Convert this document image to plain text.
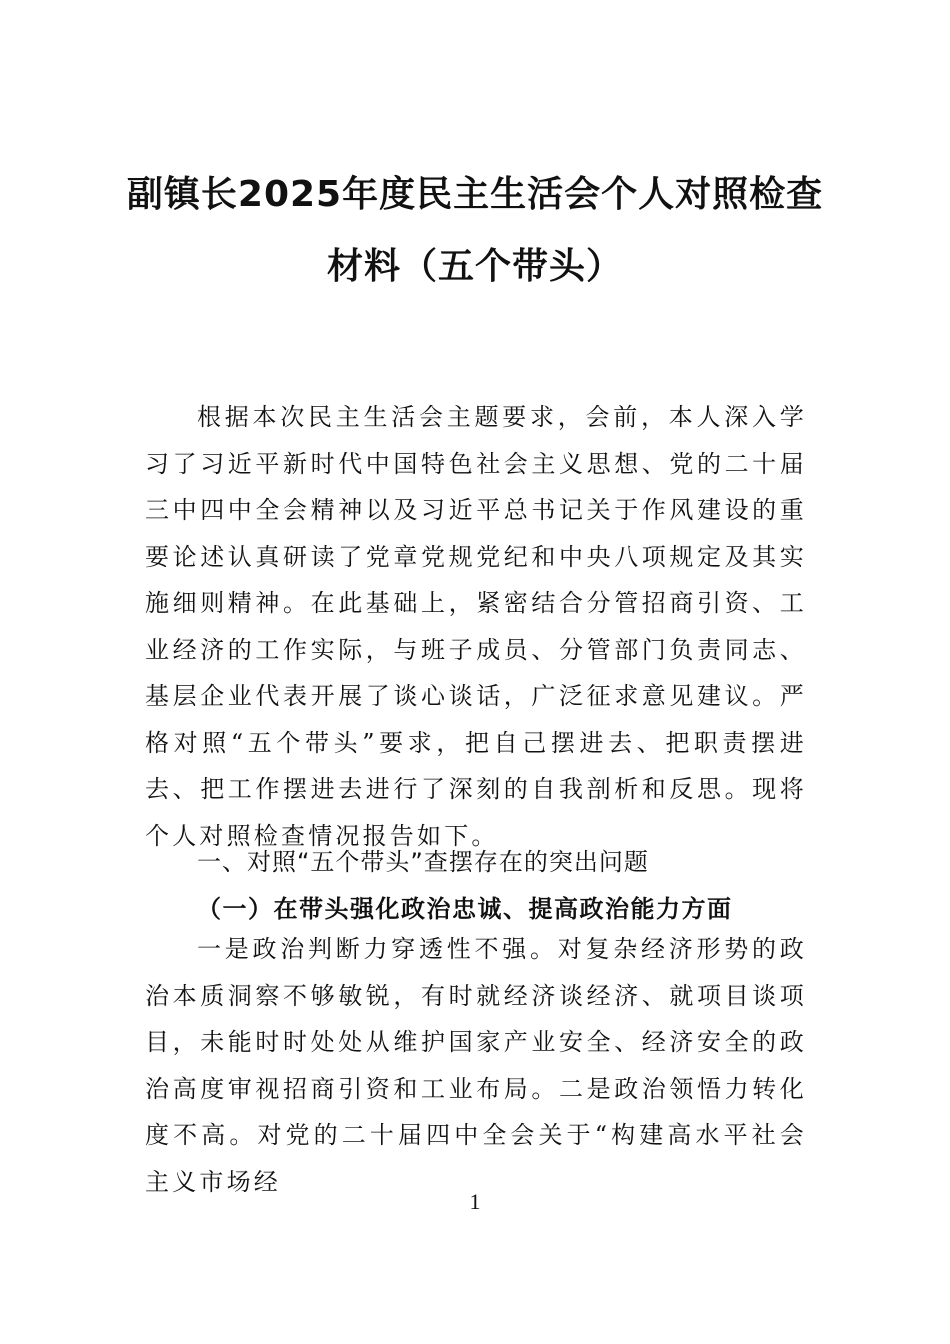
副镇长2025年度民主生活会个人对照检查
材料（五个带头）

根据本次民主生活会主题要求，会前，本人深入学习了习近平新时代中国特色社会主义思想、党的二十届三中四中全会精神以及习近平总书记关于作风建设的重要论述认真研读了党章党规党纪和中央八项规定及其实施细则精神。在此基础上，紧密结合分管招商引资、工业经济的工作实际，与班子成员、分管部门负责同志、基层企业代表开展了谈心谈话，广泛征求意见建议。严格对照“五个带头”要求，把自己摆进去、把职责摆进去、把工作摆进去进行了深刻的自我剖析和反思。现将个人对照检查情况报告如下。

一、对照“五个带头”查摆存在的突出问题
（一）在带头强化政治忠诚、提高政治能力方面

一是政治判断力穿透性不强。对复杂经济形势的政治本质洞察不够敏锐，有时就经济谈经济、就项目谈项目，未能时时处处从维护国家产业安全、经济安全的政治高度审视招商引资和工业布局。二是政治领悟力转化度不高。对党的二十届四中全会关于“构建高水平社会主义市场经

1
